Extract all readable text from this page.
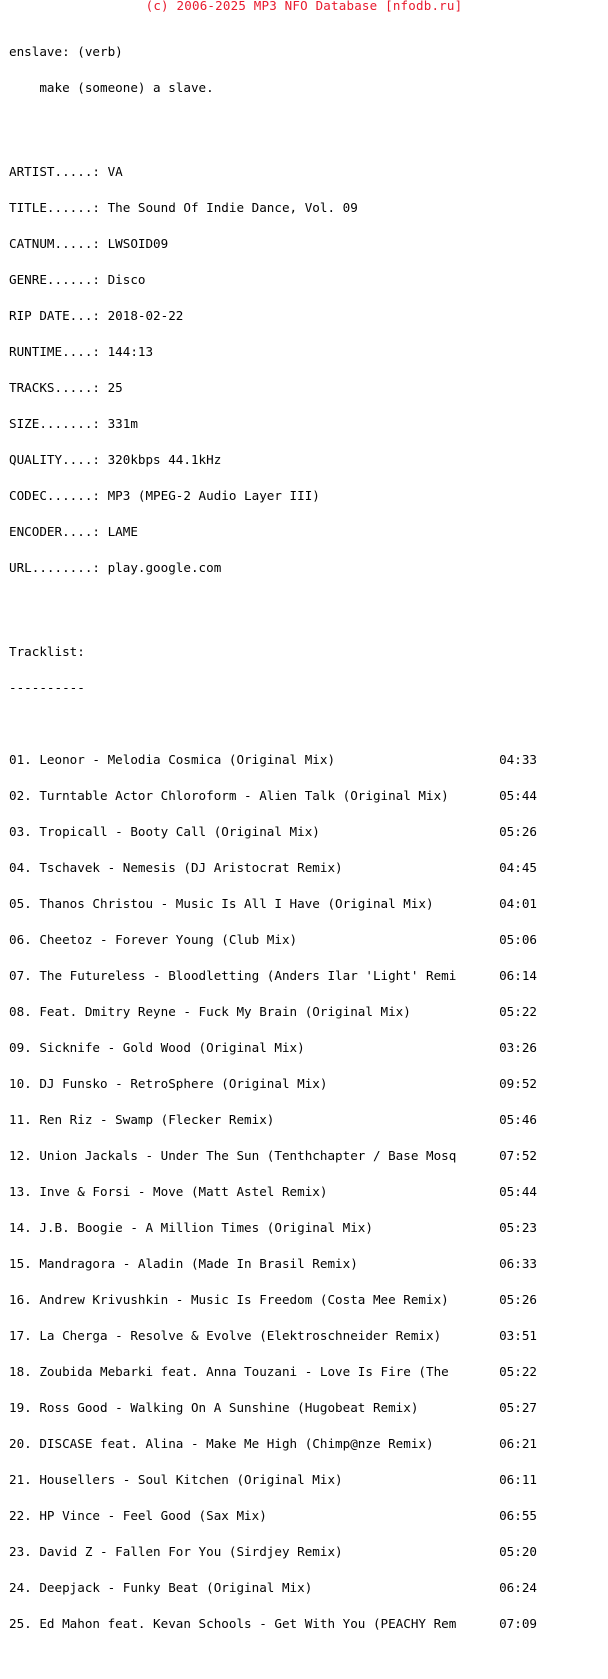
(c) 2006-2025 MP3 NFO Database [nfodb.ru]

enslave: (verb)

make (someone) a slave.

ARTIST.....: VA

TITLE......: The Sound Of Indie Dance, Vol. 09

CATNUM.....: LWSOID09

GENRE......: Disco

RIP DATE...: 2018-02-22

RUNTIME....: 144:13

TRACKS.....: 25

SIZE.......: 331m

QUALITY....: 320kbps 44.1kHz

CODEC......: MP3 (MPEG-2 Audio Layer III)

ENCODER....: LAME

URL........: play.google.com

Tracklist:

----------

01. Leonor - Melodia Cosmica (Original Mix)	04:33

02. Turntable Actor Chloroform - Alien Talk (Original Mix)	05:44

03. Tropicall - Booty Call (Original Mix)	05:26

04. Tschavek - Nemesis (DJ Aristocrat Remix)	04:45

05. Thanos Christou - Music Is All I Have (Original Mix)	04:01

06. Cheetoz - Forever Young (Club Mix)	05:06

07. The Futureless - Bloodletting (Anders Ilar 'Light' Remi	06:14

08. Feat. Dmitry Reyne - Fuck My Brain (Original Mix)	05:22

09. Sicknife - Gold Wood (Original Mix)	03:26

10. DJ Funsko - RetroSphere (Original Mix)	09:52

11. Ren Riz - Swamp (Flecker Remix)	05:46

12. Union Jackals - Under The Sun (Tenthchapter / Base Mosq	07:52

13. Inve & Forsi - Move (Matt Astel Remix)	05:44

14. J.B. Boogie - A Million Times (Original Mix)	05:23

15. Mandragora - Aladin (Made In Brasil Remix)	06:33

16. Andrew Krivushkin - Music Is Freedom (Costa Mee Remix)	05:26

17. La Cherga - Resolve & Evolve (Elektroschneider Remix)	03:51

18. Zoubida Mebarki feat. Anna Touzani - Love Is Fire (The	05:22

19. Ross Good - Walking On A Sunshine (Hugobeat Remix)	05:27

20. DISCASE feat. Alina - Make Me High (Chimp@nze Remix)	06:21

21. Housellers - Soul Kitchen (Original Mix)	06:11

22. HP Vince - Feel Good (Sax Mix)	06:55

23. David Z - Fallen For You (Sirdjey Remix)	05:20

24. Deepjack - Funky Beat (Original Mix)	06:24

25. Ed Mahon feat. Kevan Schools - Get With You (PEACHY Rem	07:09
